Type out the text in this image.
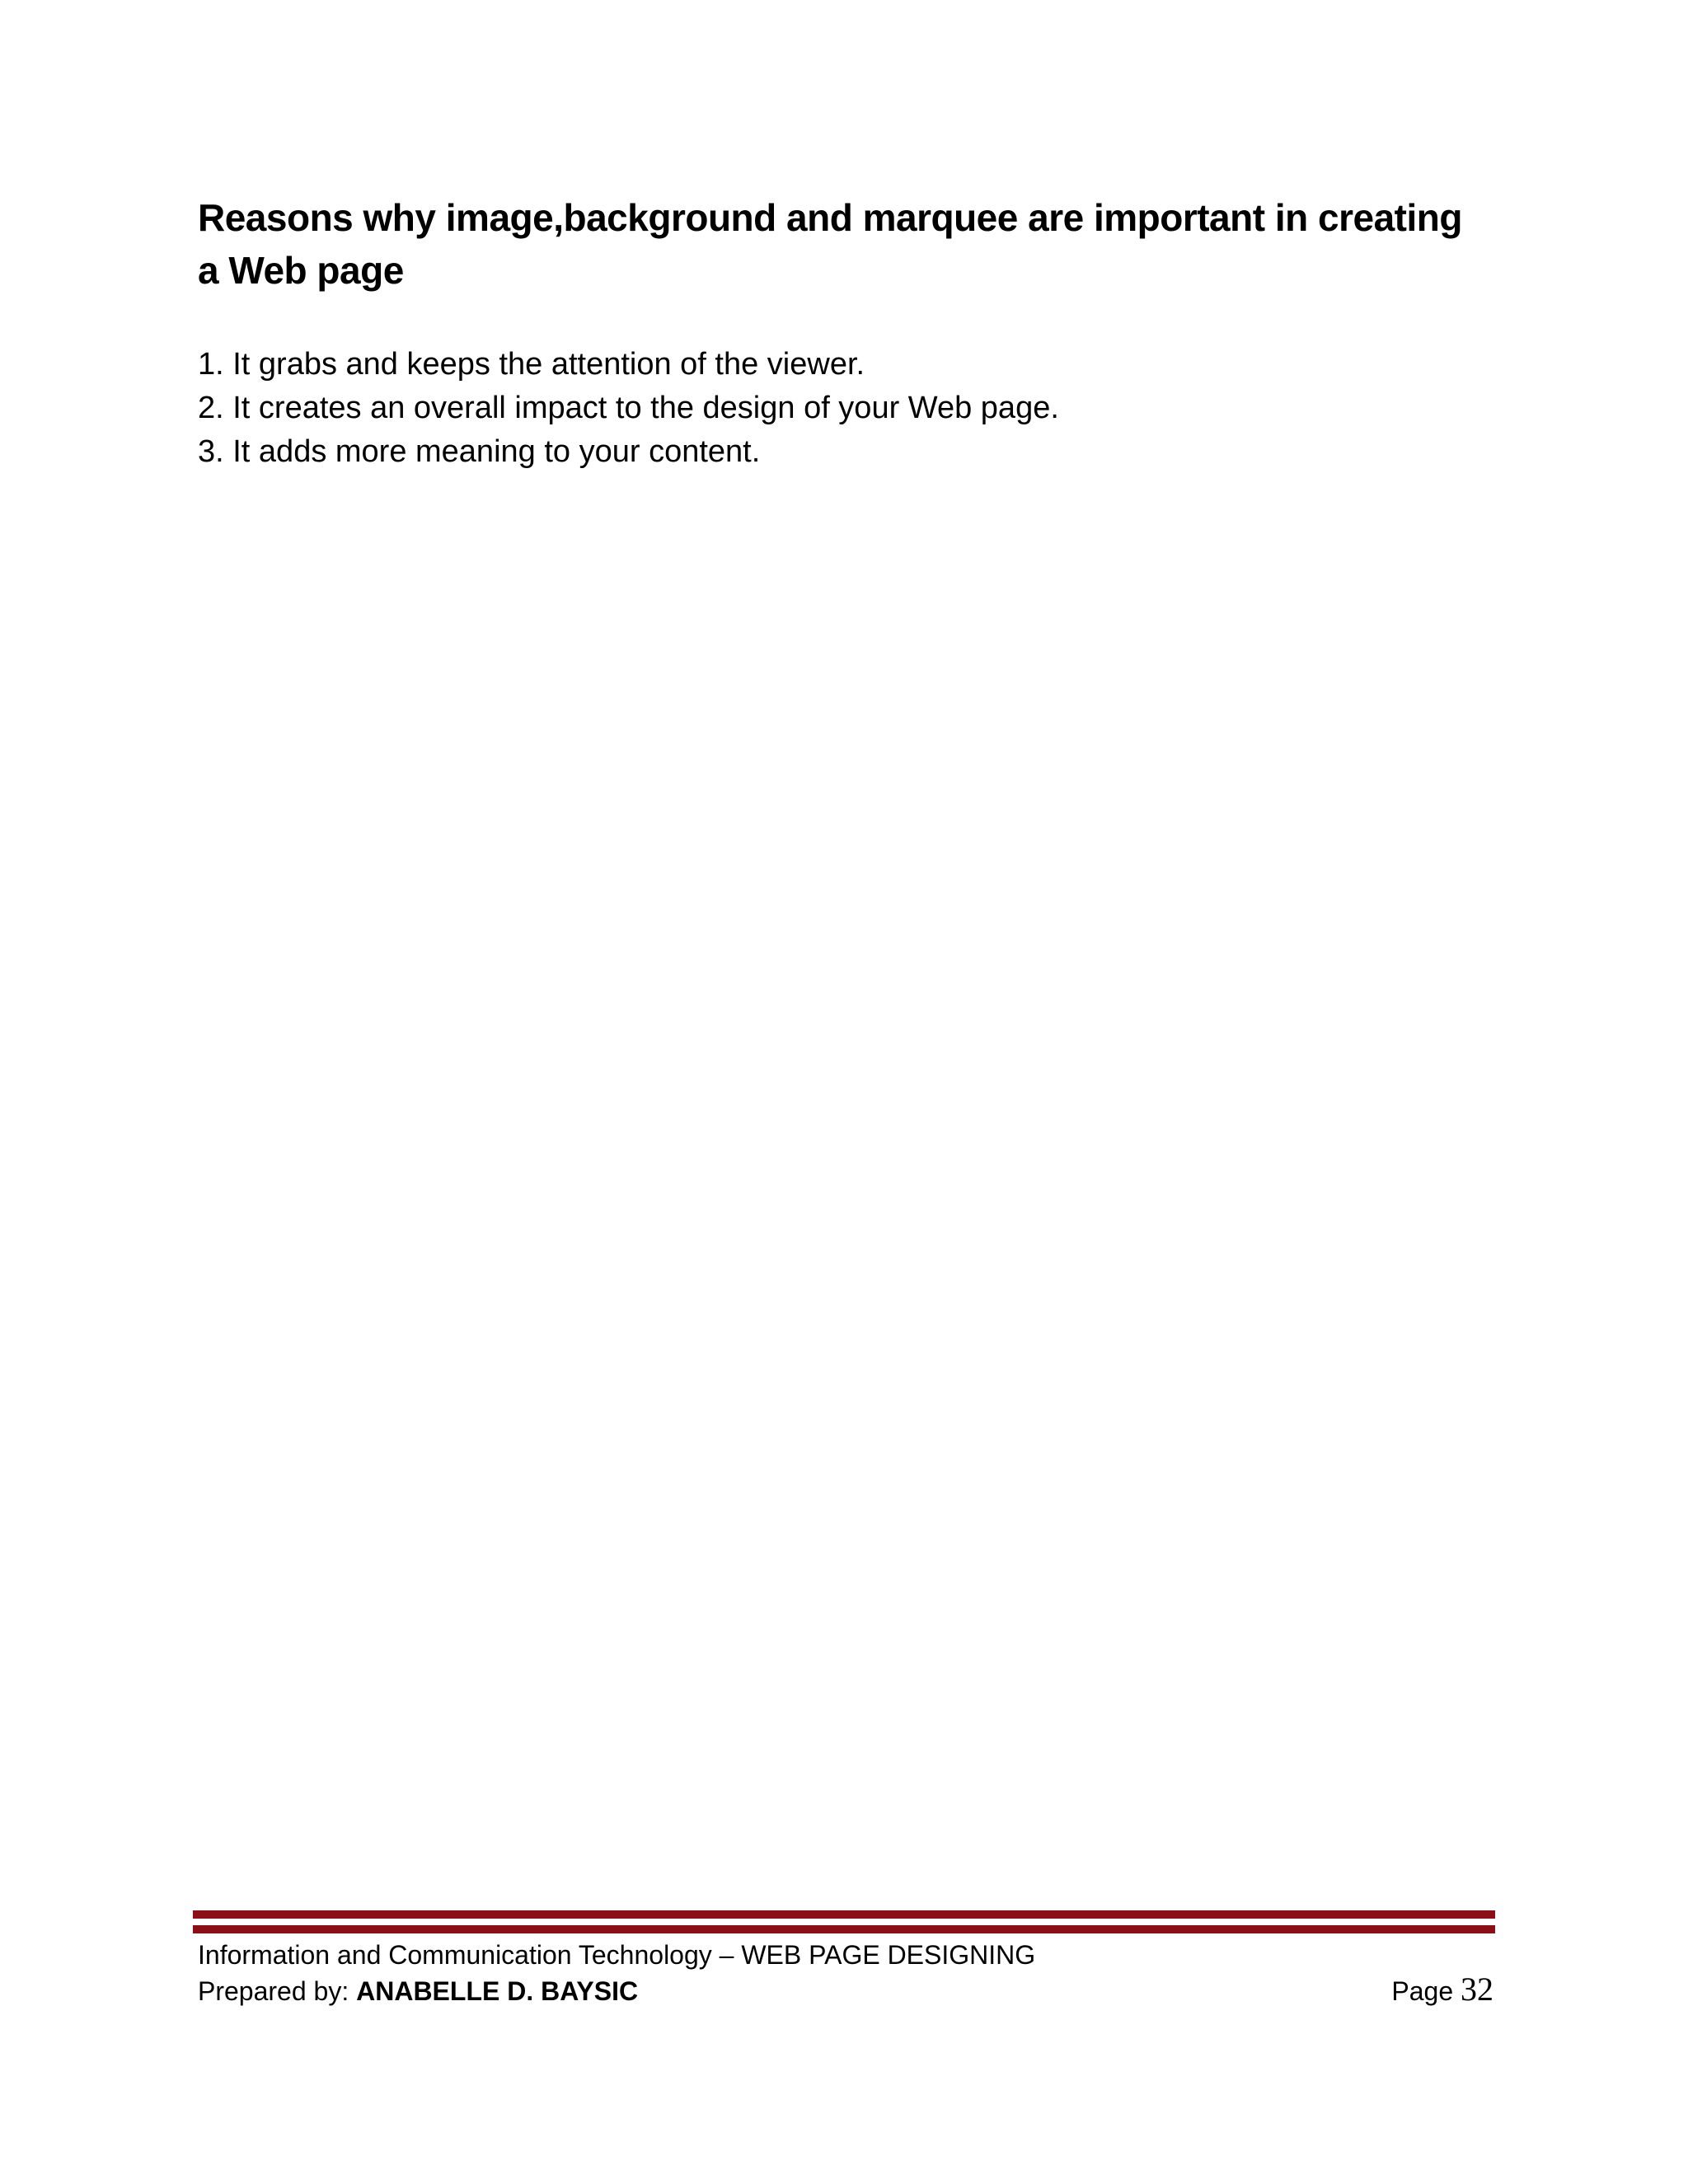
Reasons why image,background and marquee are important in creating a Web page
1. It grabs and keeps the attention of the viewer.
2. It creates an overall impact to the design of your Web page.
3. It adds more meaning to your content.
Information and Communication Technology – WEB PAGE DESIGNING
Prepared by: ANABELLE D. BAYSIC	Page 32
